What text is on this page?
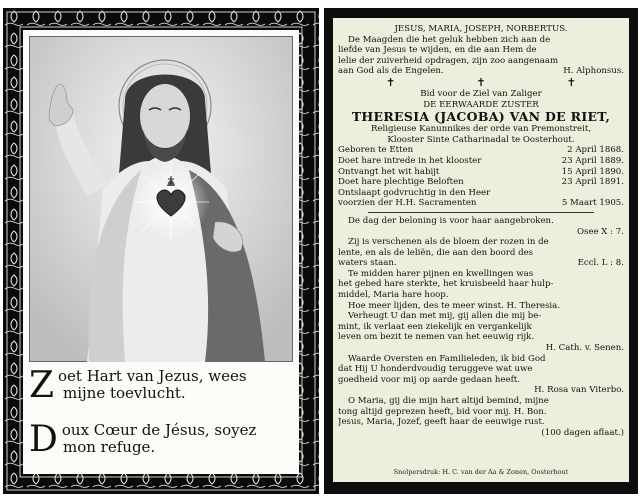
Z oet Hart van Jezus, wees
mijne toevlucht.
D oux Cœur de Jésus, soyez
mon refuge.
JESUS, MARIA, JOSEPH, NORBERTUS.
De Maagden die het geluk hebben zich aan de
liefde van Jesus te wijden, en die aan Hem de
lelie der zuiverheid opdragen, zijn zoo aangenaam
aan God als de Engelen.	H. Alphonsus.
✝	✝	✝
Bid voor de Ziel van Zaliger
DE EERWAARDE ZUSTER
THERESIA (JACOBA) VAN DE RIET,
Religieuse Kanunnikes der orde van Premonstreit,
Klooster Sinte Catharinadal te Oosterhout.
Geboren te Etten	2 April 1868.
Doet hare intrede in het klooster	23 April 1889.
Ontvangt het wit habijt	15 April 1890.
Doet hare plechtige Beloften	23 April 1891.
Ontslaapt godvruchtig in den Heer
voorzien der H.H. Sacramenten	5 Maart 1905.
De dag der beloning is voor haar aangebroken.
Osee X : 7.
Zij is verschenen als de bloem der rozen in de
lente, en als de leliën, die aan den boord des
waters staan.	Eccl. L : 8.
Te midden harer pijnen en kwellingen was
het gebed hare sterkte, het kruisbeeld haar hulp-
middel, Maria hare hoop.
Hoe meer lijden, des te meer winst. H. Theresia.
Verheugt U dan met mij, gij allen die mij be-
mint, ik verlaat een ziekelijk en vergankelijk
leven om bezit te nemen van het eeuwig rijk.
H. Cath. v. Senen.
Waarde Oversten en Familieleden, ik bid God
dat Hij U honderdvoudig teruggeve wat uwe
goedheid voor mij op aarde gedaan heeft.
H. Rosa van Viterbo.
O Maria, gij die mijn hart altijd bemind, mijne
tong altijd geprezen heeft, bid voor mij. H. Bon.
Jesus, Maria, Jozef, geeft haar de eeuwige rust.
(100 dagen aflaat.)
Snelpersdruk: H. C. van der Aa & Zonen, Oosterhout
